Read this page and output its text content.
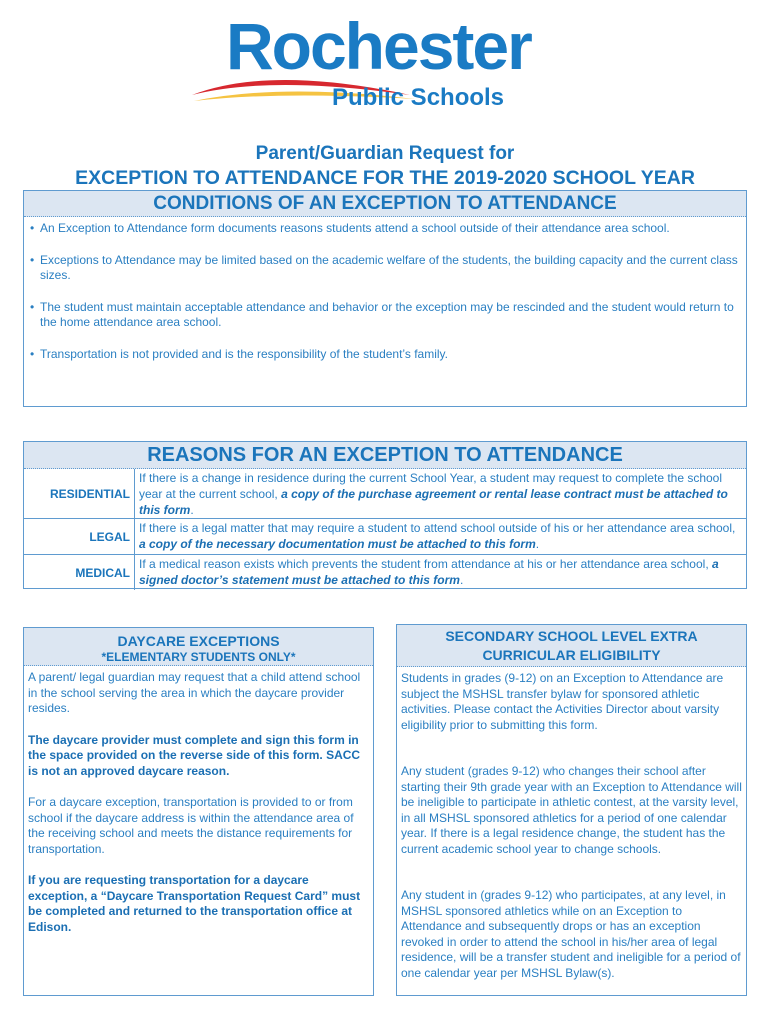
Rochester
Public Schools
Parent/Guardian Request for
EXCEPTION TO ATTENDANCE FOR THE 2019-2020 SCHOOL YEAR
CONDITIONS OF AN EXCEPTION TO ATTENDANCE
• An Exception to Attendance form documents reasons students attend a school outside of their attendance area school.
• Exceptions to Attendance may be limited based on the academic welfare of the students, the building capacity and the current class sizes.
• The student must maintain acceptable attendance and behavior or the exception may be rescinded and the student would return to the home attendance area school.
• Transportation is not provided and is the responsibility of the student’s family.
REASONS FOR AN EXCEPTION TO ATTENDANCE
RESIDENTIAL
If there is a change in residence during the current School Year, a student may request to complete the school year at the current school, a copy of the purchase agreement or rental lease contract must be attached to this form.
LEGAL
If there is a legal matter that may require a student to attend school outside of his or her attendance area school, a copy of the necessary documentation must be attached to this form.
MEDICAL
If a medical reason exists which prevents the student from attendance at his or her attendance area school, a signed doctor’s statement must be attached to this form.
DAYCARE EXCEPTIONS
*ELEMENTARY STUDENTS ONLY*

A parent/ legal guardian may request that a child attend school in the school serving the area in which the daycare provider resides.

The daycare provider must complete and sign this form in the space provided on the reverse side of this form. SACC is not an approved daycare reason.

For a daycare exception, transportation is provided to or from school if the daycare address is within the attendance area of the receiving school and meets the distance requirements for transportation.

If you are requesting transportation for a daycare exception, a “Daycare Transportation Request Card” must be completed and returned to the transportation office at Edison.

SECONDARY SCHOOL LEVEL EXTRA
CURRICULAR ELIGIBILITY

Students in grades (9-12) on an Exception to Attendance are subject the MSHSL transfer bylaw for sponsored athletic activities. Please contact the Activities Director about varsity eligibility prior to submitting this form.

Any student (grades 9-12) who changes their school after starting their 9th grade year with an Exception to Attendance will be ineligible to participate in athletic contest, at the varsity level, in all MSHSL sponsored athletics for a period of one calendar year. If there is a legal residence change, the student has the current academic school year to change schools.

Any student in (grades 9-12) who participates, at any level, in MSHSL sponsored athletics while on an Exception to Attendance and subsequently drops or has an exception revoked in order to attend the school in his/her area of legal residence, will be a transfer student and ineligible for a period of one calendar year per MSHSL Bylaw(s).
